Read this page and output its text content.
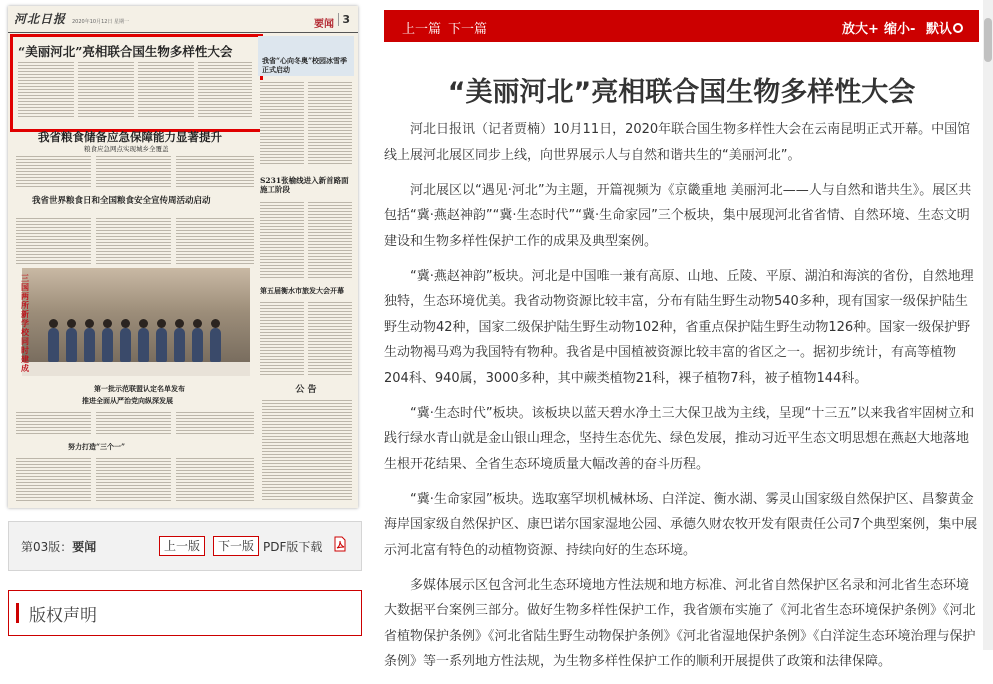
河北日报 2020年10月12日 星期一	要闻 3
“美丽河北”亮相联合国生物多样性大会
我省“心向冬奥”校园冰雪季正式启动
我省粮食储备应急保障能力显著提升
粮食应急网点实现城乡全覆盖
S231张榆线进入新首路面施工阶段
我省世界粮食日和全国粮食安全宣传周活动启动
第五届衡水市旅发大会开幕
三国两所新学校同时建成
公 告
第一批示范联盟认定名单发布
推进全面从严治党向纵深发展
努力打造“三个一”
第03版：要闻	上一版	下一版 PDF版下载
版权声明
上一篇 下一篇	放大+ 缩小- 默认
“美丽河北”亮相联合国生物多样性大会

河北日报讯（记者贾楠）10月11日，2020年联合国生物多样性大会在云南昆明正式开幕。中国馆线上展河北展区同步上线，向世界展示人与自然和谐共生的“美丽河北”。

河北展区以“遇见·河北”为主题，开篇视频为《京畿重地 美丽河北——人与自然和谐共生》。展区共包括“冀·燕赵神韵”“冀·生态时代”“冀·生命家园”三个板块，集中展现河北省省情、自然环境、生态文明建设和生物多样性保护工作的成果及典型案例。

“冀·燕赵神韵”板块。河北是中国唯一兼有高原、山地、丘陵、平原、湖泊和海滨的省份，自然地理独特，生态环境优美。我省动物资源比较丰富，分布有陆生野生动物540多种，现有国家一级保护陆生野生动物42种，国家二级保护陆生野生动物102种，省重点保护陆生野生动物126种。国家一级保护野生动物褐马鸡为我国特有物种。我省是中国植被资源比较丰富的省区之一。据初步统计，有高等植物204科、940属，3000多种，其中蕨类植物21科，裸子植物7科，被子植物144科。

“冀·生态时代”板块。该板块以蓝天碧水净土三大保卫战为主线，呈现“十三五”以来我省牢固树立和践行绿水青山就是金山银山理念，坚持生态优先、绿色发展，推动习近平生态文明思想在燕赵大地落地生根开花结果、全省生态环境质量大幅改善的奋斗历程。

“冀·生命家园”板块。选取塞罕坝机械林场、白洋淀、衡水湖、雾灵山国家级自然保护区、昌黎黄金海岸国家级自然保护区、康巴诺尔国家湿地公园、承德久财农牧开发有限责任公司7个典型案例，集中展示河北富有特色的动植物资源、持续向好的生态环境。

多媒体展示区包含河北生态环境地方性法规和地方标准、河北省自然保护区名录和河北省生态环境大数据平台案例三部分。做好生物多样性保护工作，我省颁布实施了《河北省生态环境保护条例》《河北省植物保护条例》《河北省陆生野生动物保护条例》《河北省湿地保护条例》《白洋淀生态环境治理与保护条例》等一系列地方性法规，为生物多样性保护工作的顺利开展提供了政策和法律保障。
